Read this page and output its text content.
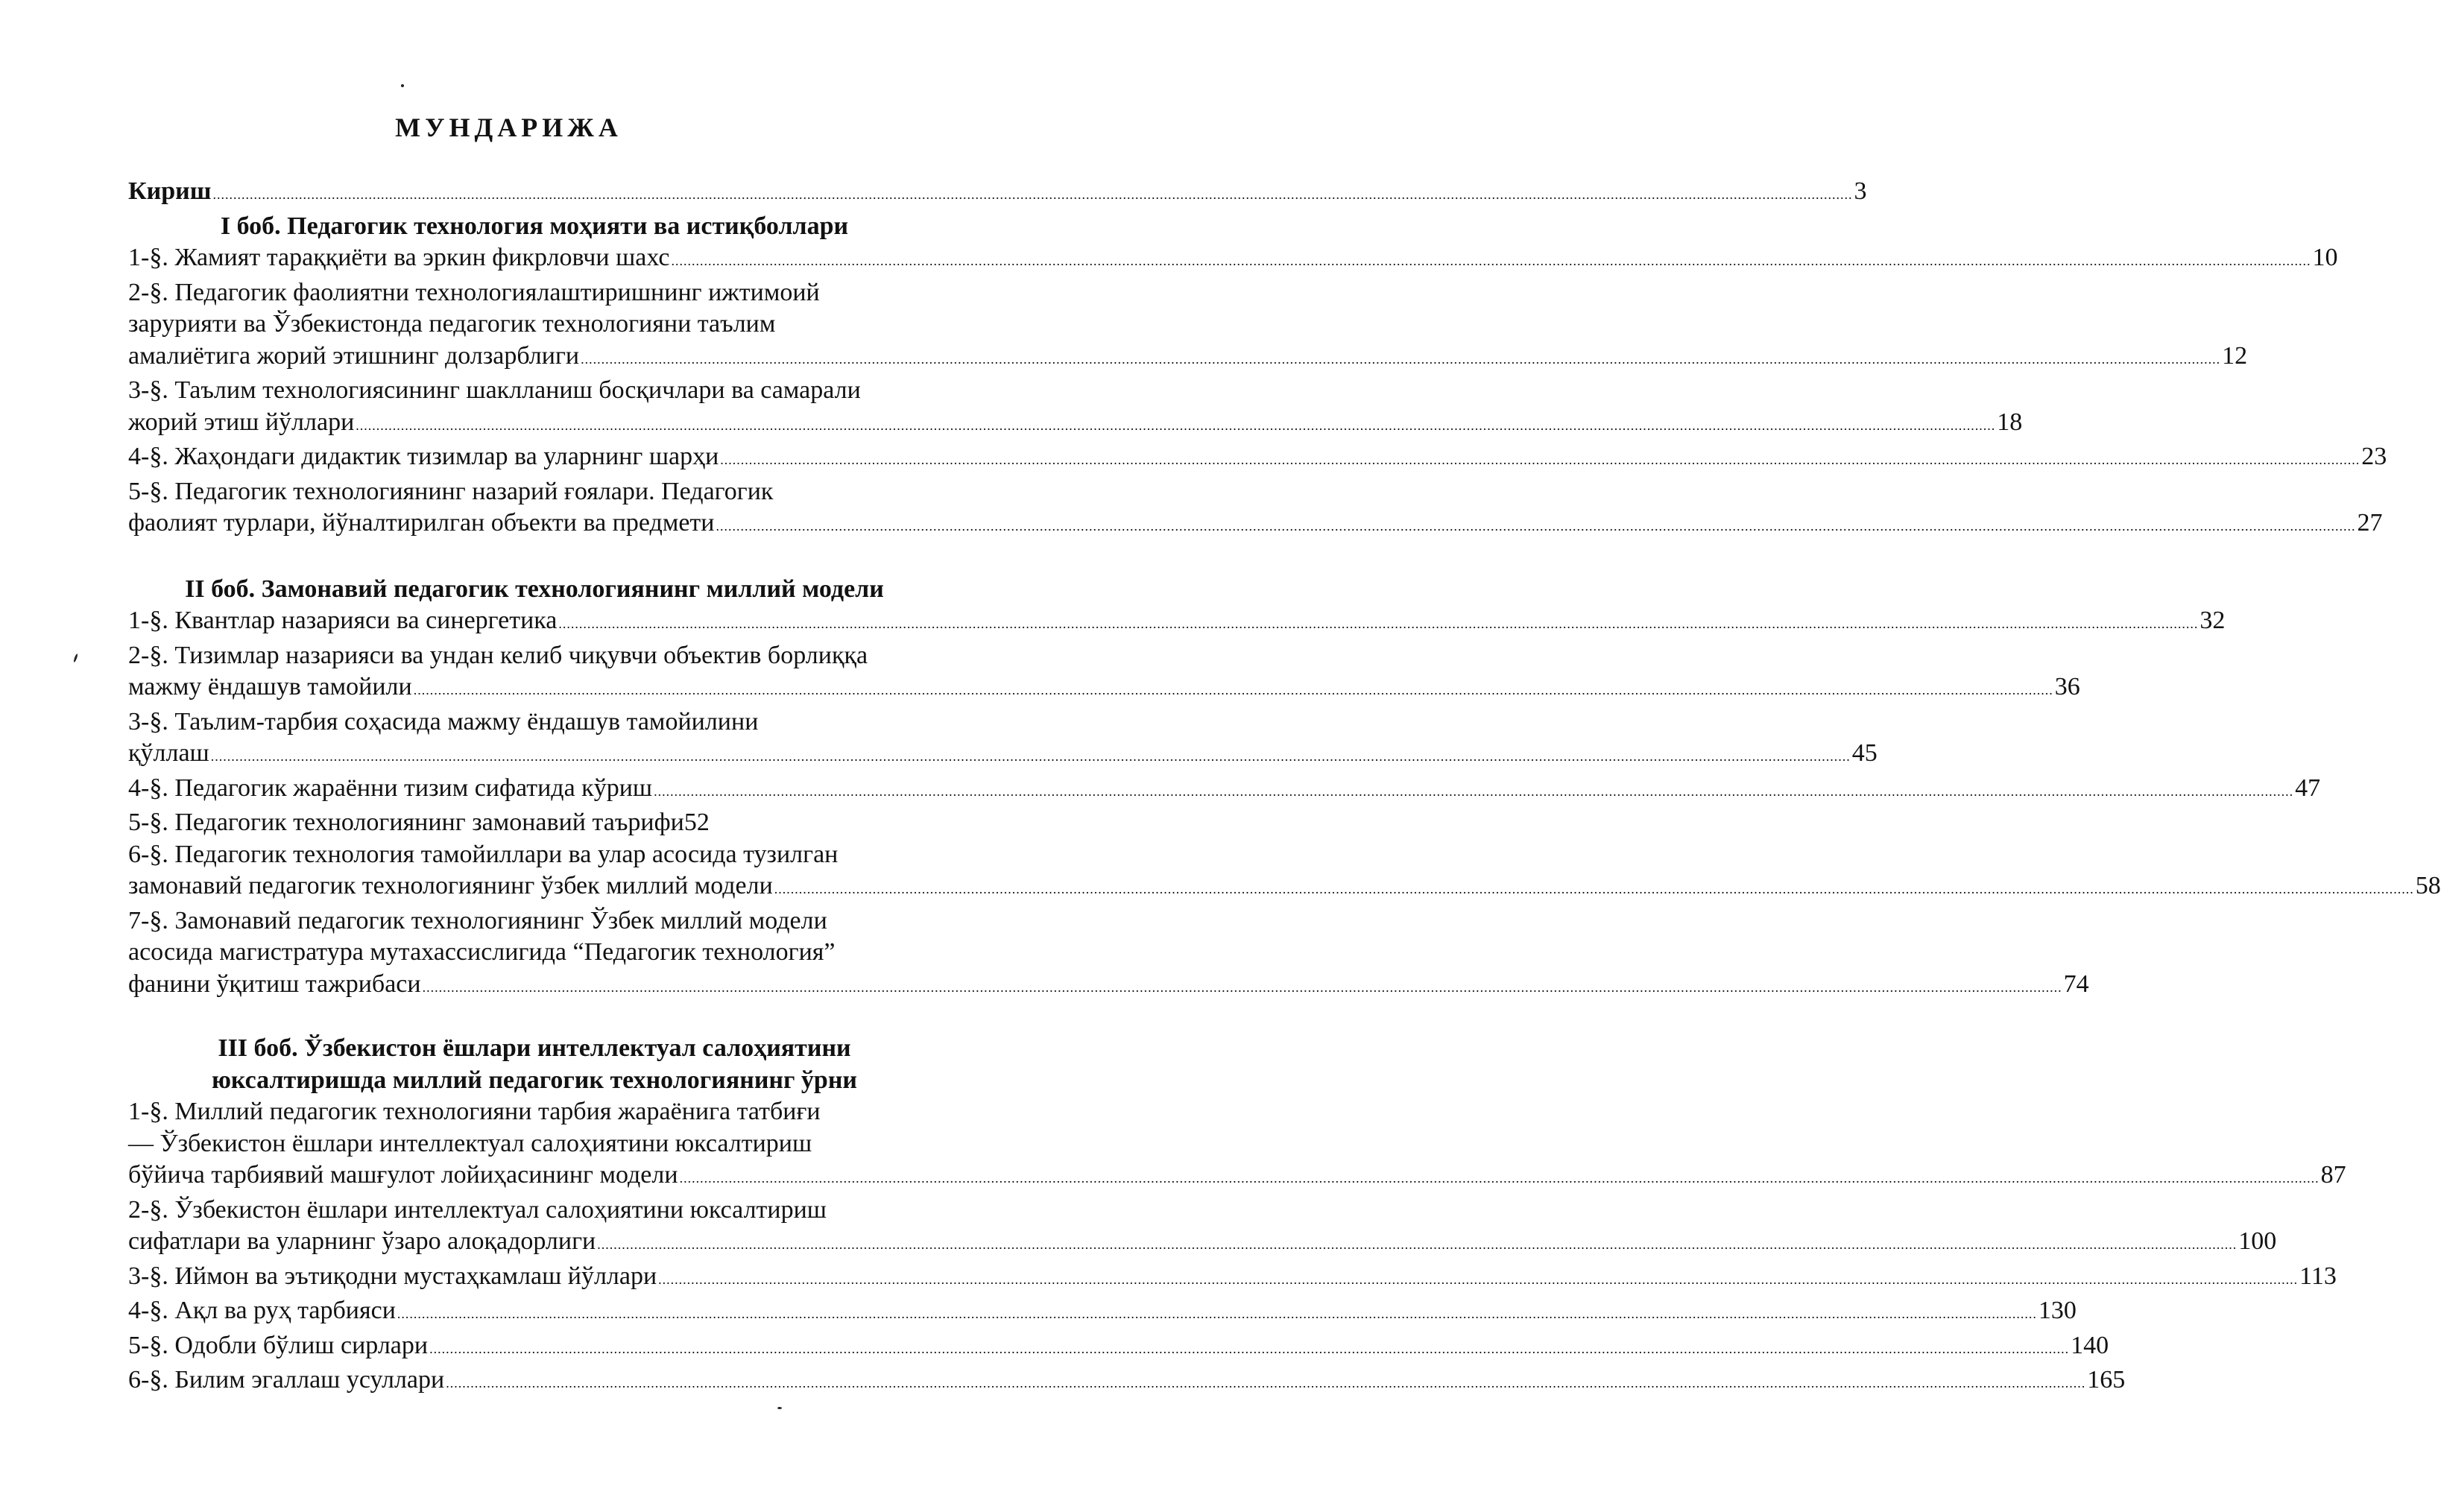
МУНДАРИЖА
Кириш ................................................................................................................................................................................................................................................................................................................................................................................................................ 3
I боб. Педагогик технология моҳияти ва истиқболлари
1-§. Жамият тараққиёти ва эркин фикрловчи шахс ................................................................................................................................................................................................................................................................................................................................................................................................................ 10
2-§. Педагогик фаолиятни технологиялаштиришнинг ижтимоий
зарурияти ва Ўзбекистонда педагогик технологияни таълим
амалиётига жорий этишнинг долзарблиги ................................................................................................................................................................................................................................................................................................................................................................................................................ 12
3-§. Таълим технологиясининг шаклланиш босқичлари ва самарали
жорий этиш йўллари ................................................................................................................................................................................................................................................................................................................................................................................................................ 18
4-§. Жаҳондаги дидактик тизимлар ва уларнинг шарҳи ................................................................................................................................................................................................................................................................................................................................................................................................................ 23
5-§. Педагогик технологиянинг назарий ғоялари. Педагогик
фаолият турлари, йўналтирилган объекти ва предмети ................................................................................................................................................................................................................................................................................................................................................................................................................ 27
II боб. Замонавий педагогик технологиянинг миллий модели
1-§. Квантлар назарияси ва синергетика ................................................................................................................................................................................................................................................................................................................................................................................................................ 32
2-§. Тизимлар назарияси ва ундан келиб чиқувчи объектив борлиққа
мажму ёндашув тамойили ................................................................................................................................................................................................................................................................................................................................................................................................................ 36
3-§. Таълим-тарбия соҳасида мажму ёндашув тамойилини
қўллаш ................................................................................................................................................................................................................................................................................................................................................................................................................ 45
4-§. Педагогик жараённи тизим сифатида кўриш ................................................................................................................................................................................................................................................................................................................................................................................................................ 47
5-§. Педагогик технологиянинг замонавий таърифи52
6-§. Педагогик технология тамойиллари ва улар асосида тузилган
замонавий педагогик технологиянинг ўзбек миллий модели ................................................................................................................................................................................................................................................................................................................................................................................................................ 58
7-§. Замонавий педагогик технологиянинг Ўзбек миллий модели
асосида магистратура мутахассислигида “Педагогик технология”
фанини ўқитиш тажрибаси ................................................................................................................................................................................................................................................................................................................................................................................................................ 74
III боб. Ўзбекистон ёшлари интеллектуал салоҳиятини
юксалтиришда миллий педагогик технологиянинг ўрни
1-§. Миллий педагогик технологияни тарбия жараёнига татбиғи
— Ўзбекистон ёшлари интеллектуал салоҳиятини юксалтириш
бўйича тарбиявий машғулот лойиҳасининг модели ................................................................................................................................................................................................................................................................................................................................................................................................................ 87
2-§. Ўзбекистон ёшлари интеллектуал салоҳиятини юксалтириш
сифатлари ва уларнинг ўзаро алоқадорлиги ................................................................................................................................................................................................................................................................................................................................................................................................................ 100
3-§. Иймон ва эътиқодни мустаҳкамлаш йўллари ................................................................................................................................................................................................................................................................................................................................................................................................................ 113
4-§. Ақл ва руҳ тарбияси ................................................................................................................................................................................................................................................................................................................................................................................................................ 130
5-§. Одобли бўлиш сирлари ................................................................................................................................................................................................................................................................................................................................................................................................................ 140
6-§. Билим эгаллаш усуллари ................................................................................................................................................................................................................................................................................................................................................................................................................ 165
